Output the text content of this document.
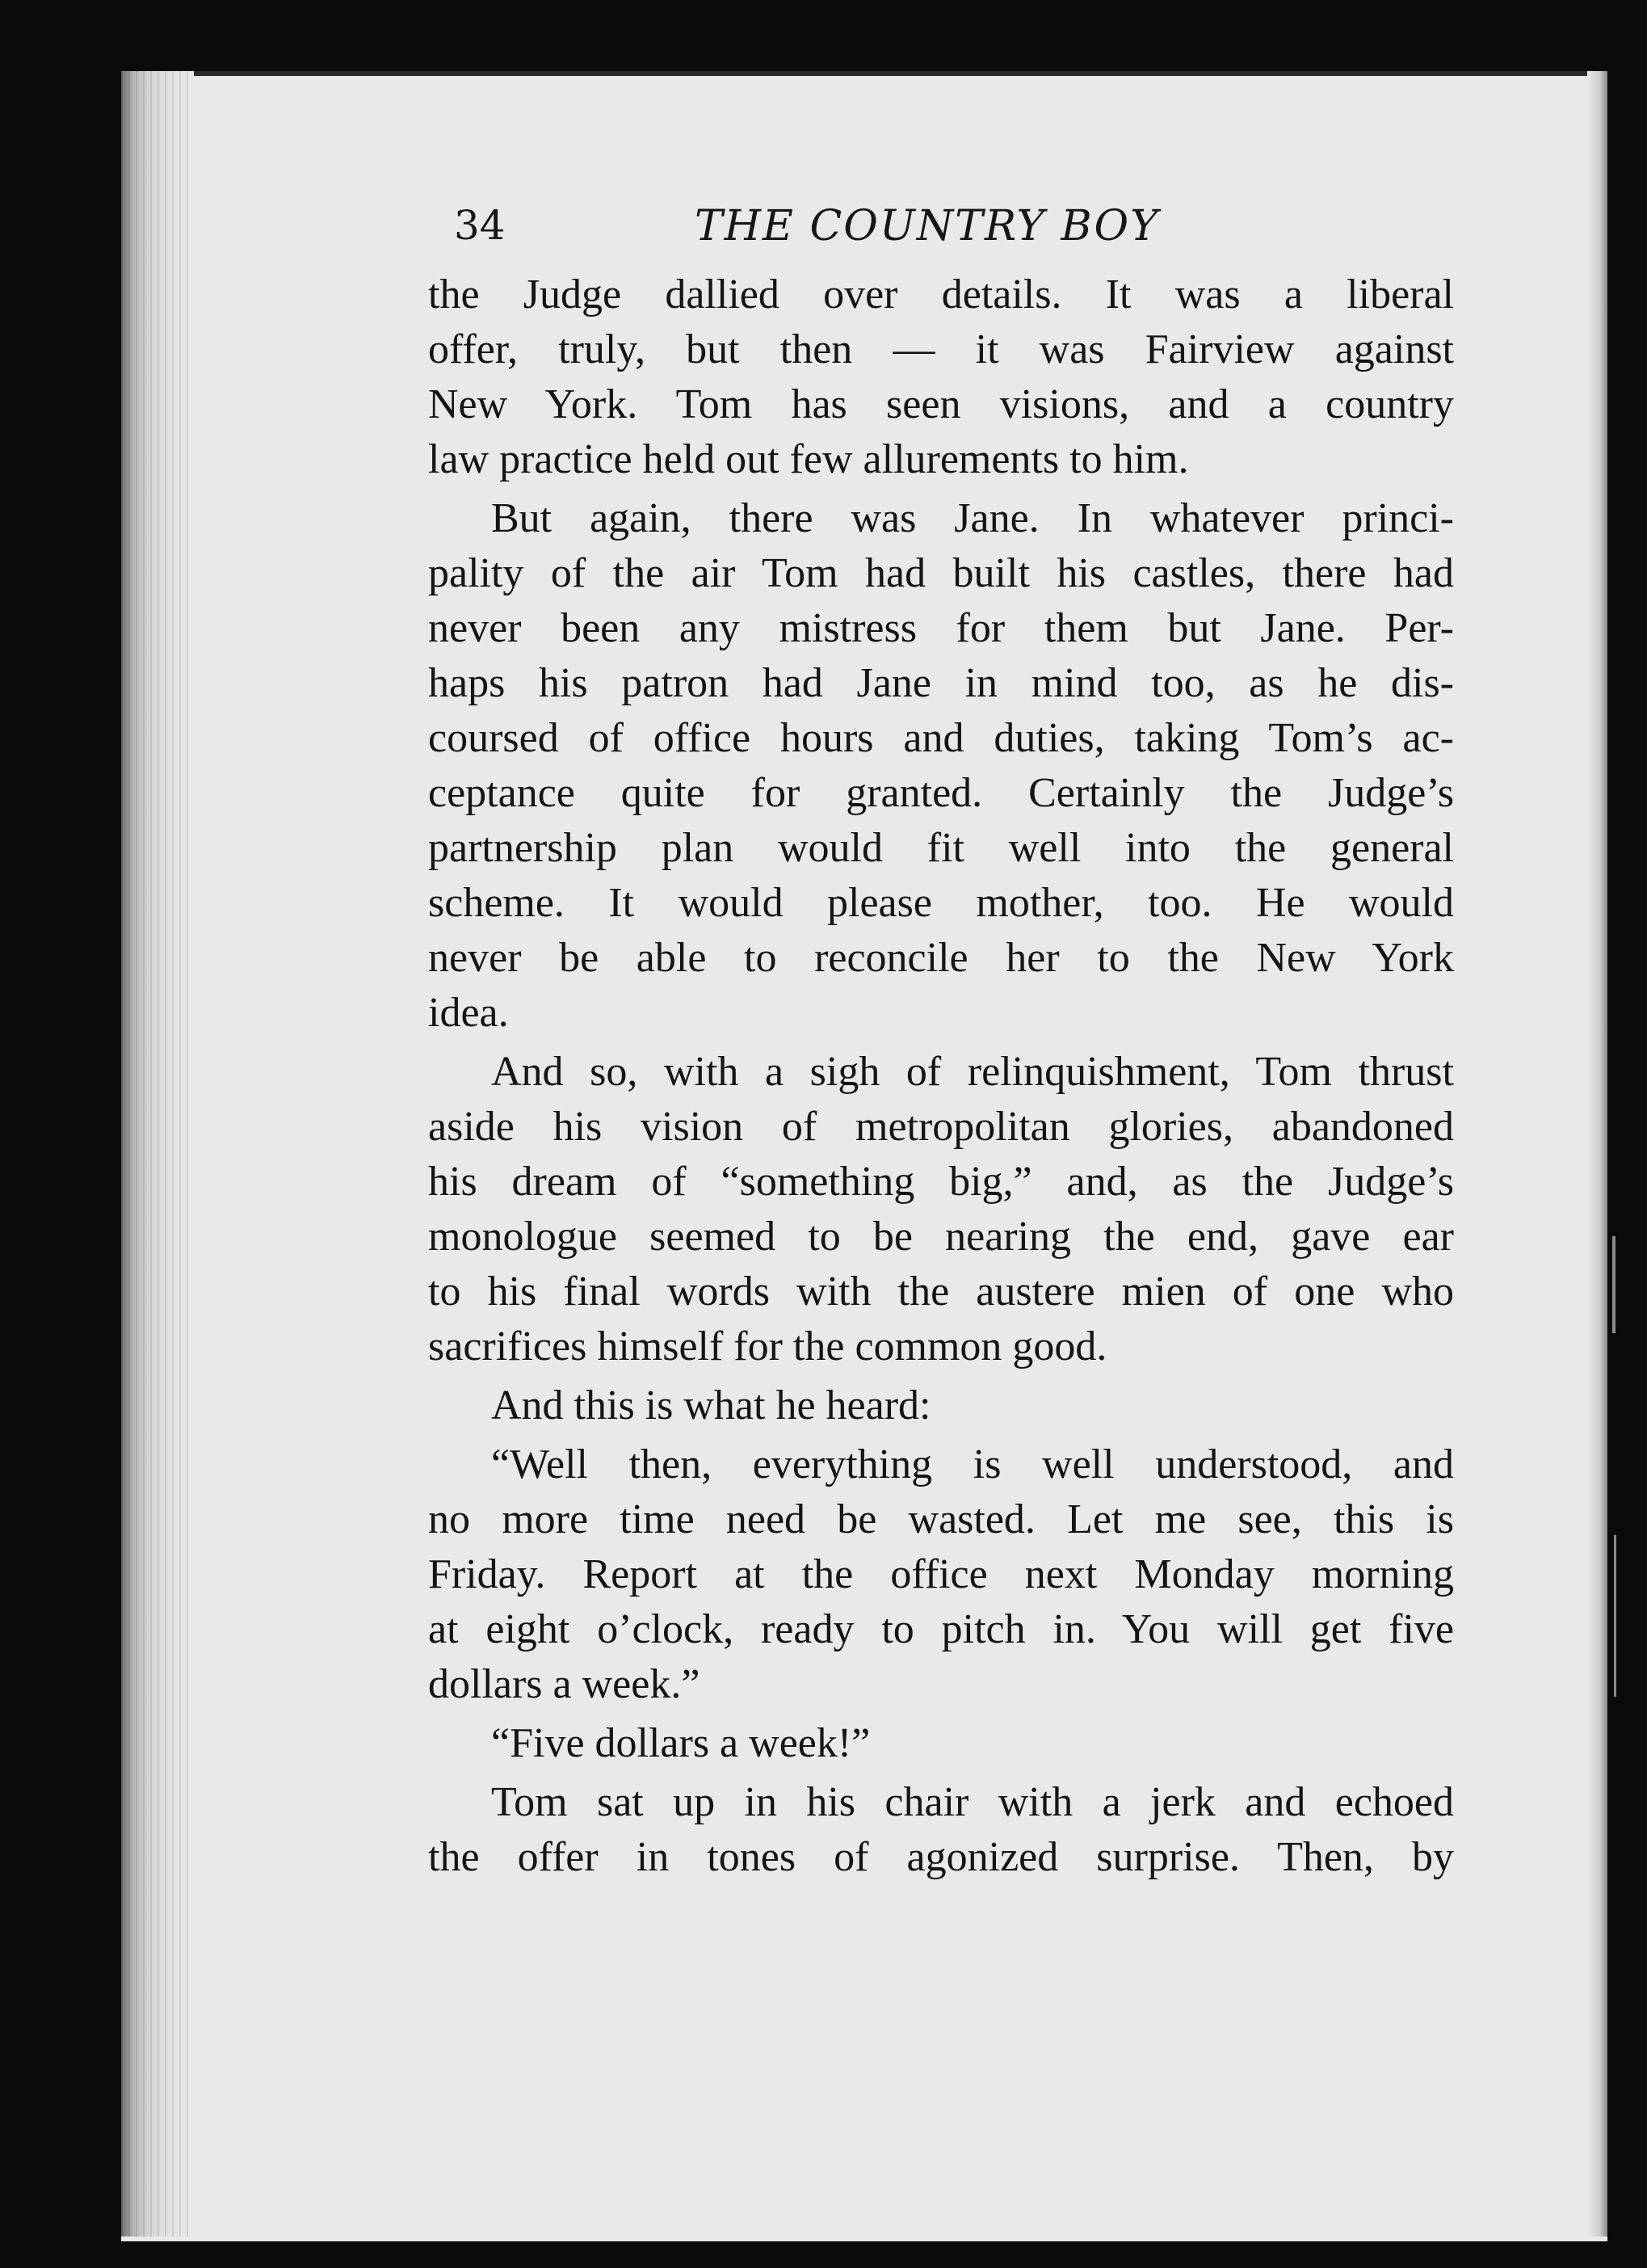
34	THE COUNTRY BOY
the Judge dallied over details. It was a liberal
offer, truly, but then — it was Fairview against
New York. Tom has seen visions, and a country
law practice held out few allurements to him.
But again, there was Jane. In whatever princi-
pality of the air Tom had built his castles, there had
never been any mistress for them but Jane. Per-
haps his patron had Jane in mind too, as he dis-
coursed of office hours and duties, taking Tom’s ac-
ceptance quite for granted. Certainly the Judge’s
partnership plan would fit well into the general
scheme. It would please mother, too. He would
never be able to reconcile her to the New York
idea.
And so, with a sigh of relinquishment, Tom thrust
aside his vision of metropolitan glories, abandoned
his dream of “something big,” and, as the Judge’s
monologue seemed to be nearing the end, gave ear
to his final words with the austere mien of one who
sacrifices himself for the common good.
And this is what he heard:
“Well then, everything is well understood, and
no more time need be wasted. Let me see, this is
Friday. Report at the office next Monday morning
at eight o’clock, ready to pitch in. You will get five
dollars a week.”
“Five dollars a week!”
Tom sat up in his chair with a jerk and echoed
the offer in tones of agonized surprise. Then, by
